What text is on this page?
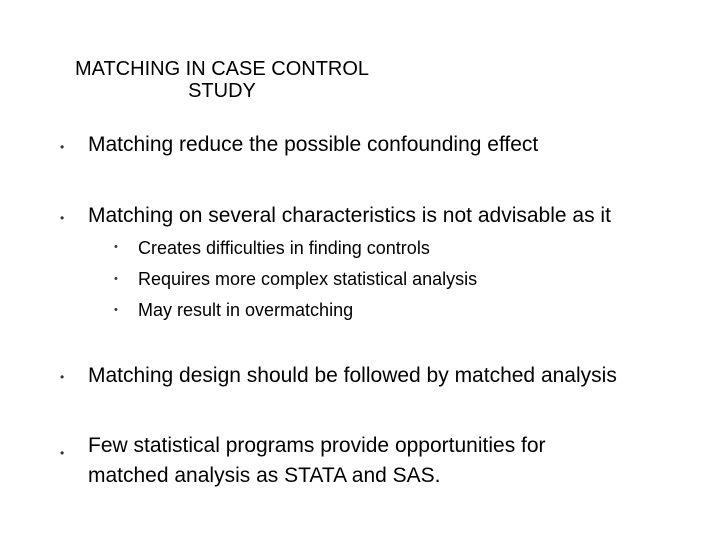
MATCHING IN CASE CONTROL
STUDY
• Matching reduce the possible confounding effect
• Matching on several characteristics is not advisable as it
• Creates difficulties in finding controls
• Requires more complex statistical analysis
• May result in overmatching
• Matching design should be followed by matched analysis
• Few statistical programs provide opportunities for
matched analysis as STATA and SAS.
